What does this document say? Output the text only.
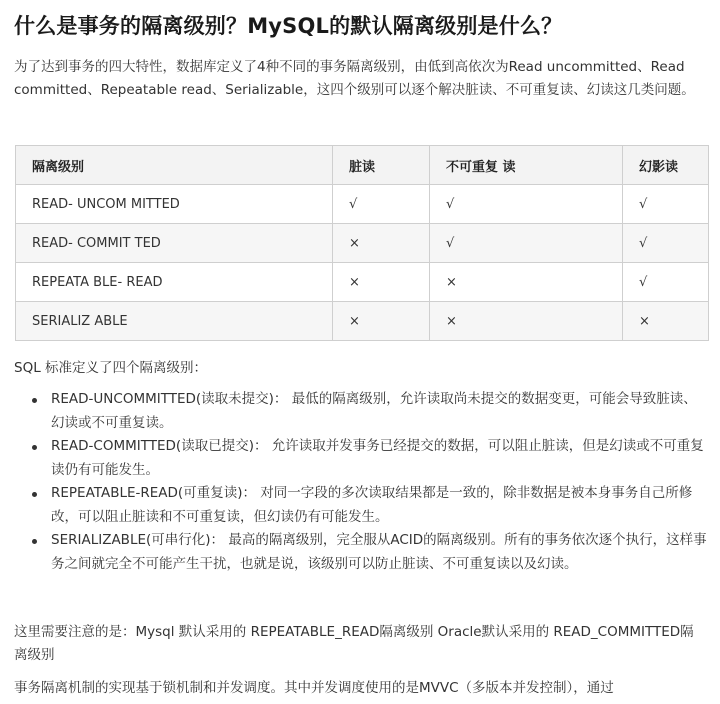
什么是事务的隔离级别？MySQL的默认隔离级别是什么？
为了达到事务的四大特性，数据库定义了4种不同的事务隔离级别，由低到高依次为Read uncommitted、Read committed、Repeatable read、Serializable，这四个级别可以逐个解决脏读、不可重复读、幻读这几类问题。
隔离级别	脏读	不可重复 读	幻影读
READ- UNCOM MITTED	√	√	√
READ- COMMIT TED	×	√	√
REPEATA BLE- READ	×	×	√
SERIALIZ ABLE	×	×	×
SQL 标准定义了四个隔离级别：
READ-UNCOMMITTED(读取未提交)： 最低的隔离级别，允许读取尚未提交的数据变更，可能会导致脏读、幻读或不可重复读。
READ-COMMITTED(读取已提交)： 允许读取并发事务已经提交的数据，可以阻止脏读，但是幻读或不可重复读仍有可能发生。
REPEATABLE-READ(可重复读)： 对同一字段的多次读取结果都是一致的，除非数据是被本身事务自己所修改，可以阻止脏读和不可重复读，但幻读仍有可能发生。
SERIALIZABLE(可串行化)： 最高的隔离级别，完全服从ACID的隔离级别。所有的事务依次逐个执行，这样事务之间就完全不可能产生干扰，也就是说，该级别可以防止脏读、不可重复读以及幻读。
这里需要注意的是：Mysql 默认采用的 REPEATABLE_READ隔离级别 Oracle默认采用的 READ_COMMITTED隔离级别
事务隔离机制的实现基于锁机制和并发调度。其中并发调度使用的是MVVC（多版本并发控制），通过
